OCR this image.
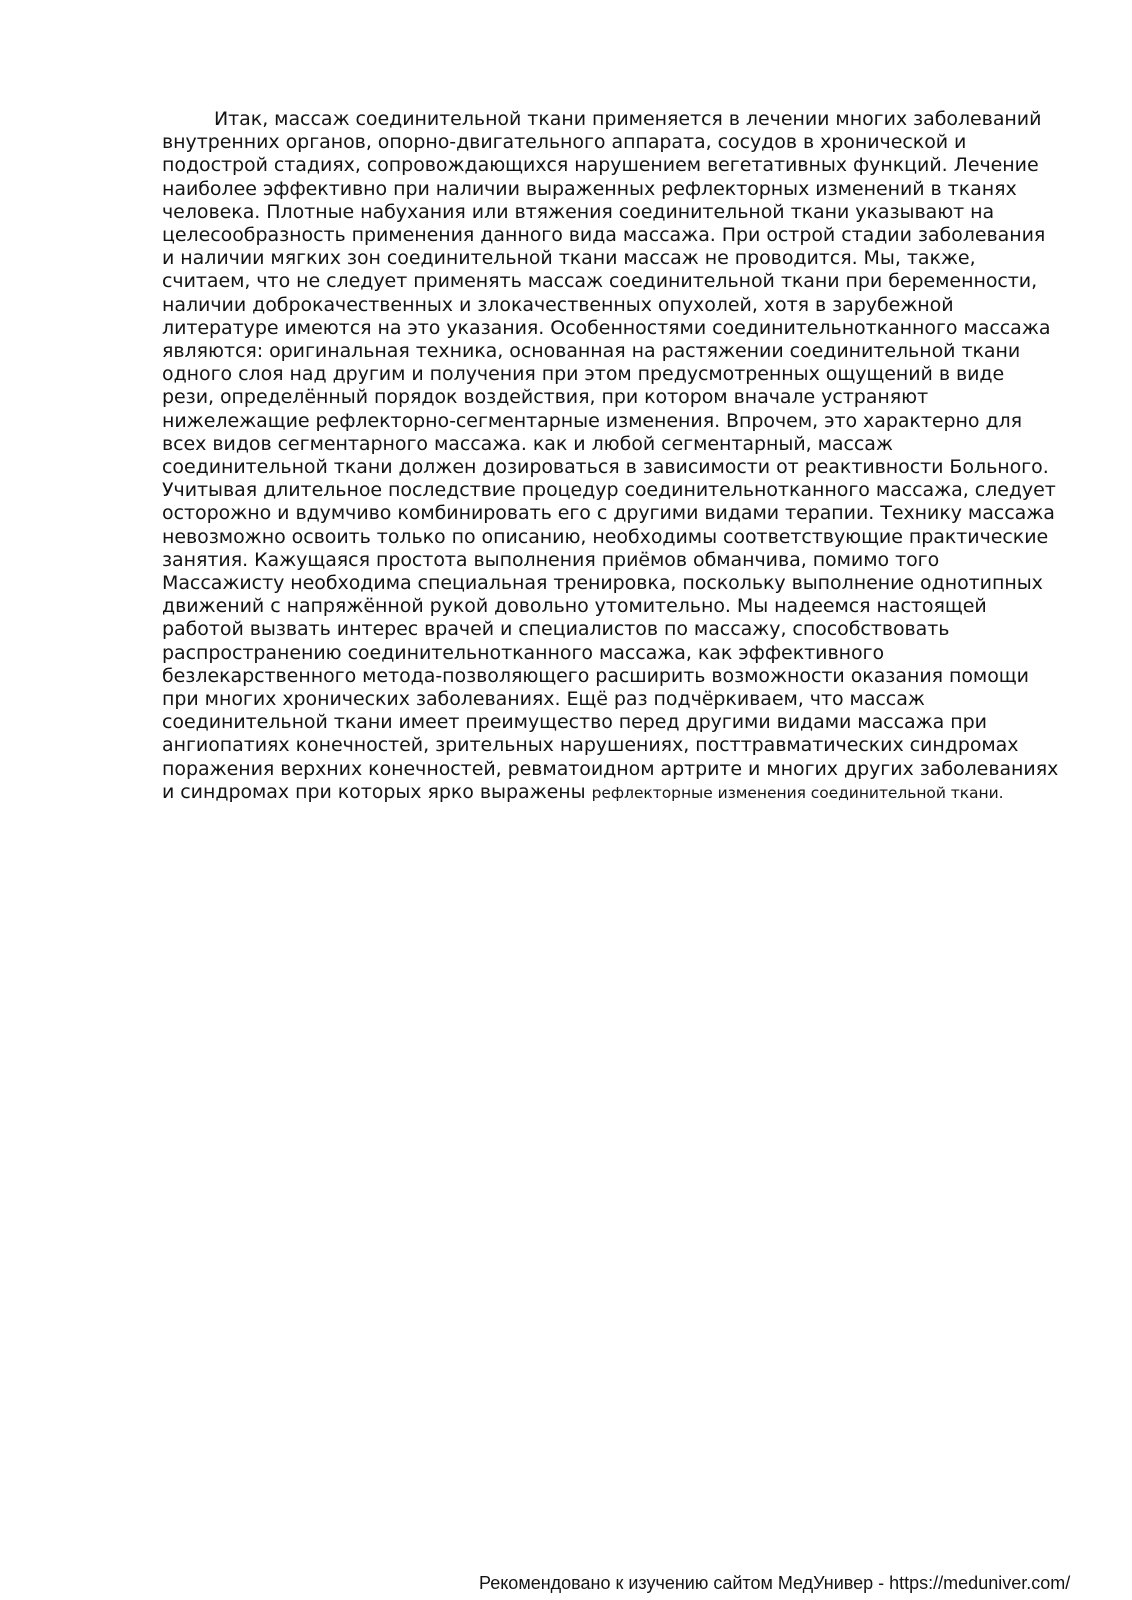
Итак, массаж соединительной ткани применяется в лечении многих заболеваний внутренних органов, опорно-двигательного аппарата, сосудов в хронической и подострой стадиях, сопровождающихся нарушением вегетативных функций. Лечение наиболее эффективно при наличии выраженных рефлекторных изменений в тканях человека. Плотные набухания или втяжения соединительной ткани указывают на целесообразность применения данного вида массажа. При острой стадии заболевания и наличии мягких зон соединительной ткани массаж не проводится. Мы, также, считаем, что не следует применять массаж соединительной ткани при беременности, наличии доброкачественных и злокачественных опухолей, хотя в зарубежной литературе имеются на это указания. Особенностями соединительнотканного массажа являются: оригинальная техника, основанная на растяжении соединительной ткани одного слоя над другим и получения при этом предусмотренных ощущений в виде рези, определённый порядок воздействия, при котором вначале устраняют нижележащие рефлекторно-сегментарные изменения. Впрочем, это характерно для всех видов сегментарного массажа. как и любой сегментарный, массаж соединительной ткани должен дозироваться в зависимости от реактивности Больного. Учитывая длительное последствие процедур соединительнотканного массажа, следует осторожно и вдумчиво комбинировать его с другими видами терапии. Технику массажа невозможно освоить только по описанию, необходимы соответствующие практические занятия. Кажущаяся простота выполнения приёмов обманчива, помимо того Массажисту необходима специальная тренировка, поскольку выполнение однотипных движений с напряжённой рукой довольно утомительно. Мы надеемся настоящей работой вызвать интерес врачей и специалистов по массажу, способствовать распространению соединительнотканного массажа, как эффективного безлекарственного метода-позволяющего расширить возможности оказания помощи при многих хронических заболеваниях. Ещё раз подчёркиваем, что массаж соединительной ткани имеет преимущество перед другими видами массажа при ангиопатиях конечностей, зрительных нарушениях, посттравматических синдромах поражения верхних конечностей, ревматоидном артрите и многих других заболеваниях и синдромах при которых ярко выражены рефлекторные изменения соединительной ткани.

Рекомендовано к изучению сайтом МедУнивер - https://meduniver.com/
